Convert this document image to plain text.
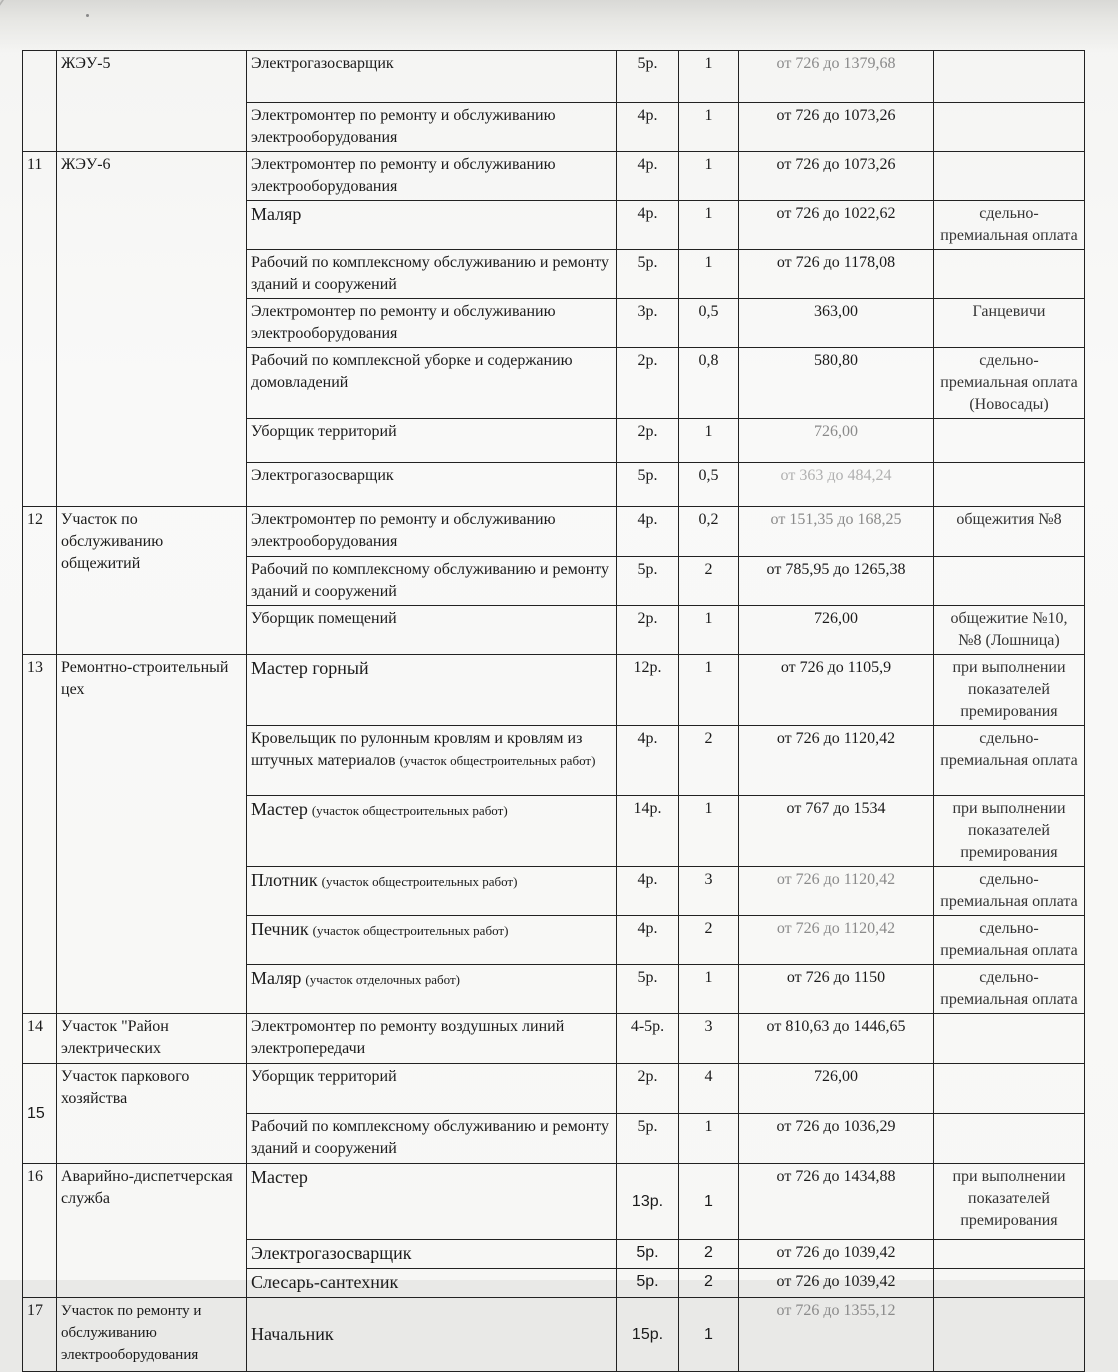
	ЖЭУ-5	Электрогазосварщик	5р.	1	от 726 до 1379,68	
		Электромонтер по ремонту и обслуживанию электрооборудования	4р.	1	от 726 до 1073,26	
11	ЖЭУ-6	Электромонтер по ремонту и обслуживанию электрооборудования	4р.	1	от 726 до 1073,26	
		Маляр	4р.	1	от 726 до 1022,62	сдельно-премиальная оплата
		Рабочий по комплексному обслуживанию и ремонту зданий и сооружений	5р.	1	от 726 до 1178,08	
		Электромонтер по ремонту и обслуживанию электрооборудования	3р.	0,5	363,00	Ганцевичи
		Рабочий по комплексной уборке и содержанию домовладений	2р.	0,8	580,80	сдельно-премиальная оплата (Новосады)
		Уборщик территорий	2р.	1	726,00	
		Электрогазосварщик	5р.	0,5	от 363 до 484,24	
12	Участок по обслуживанию общежитий	Электромонтер по ремонту и обслуживанию электрооборудования	4р.	0,2	от 151,35 до 168,25	общежития №8
		Рабочий по комплексному обслуживанию и ремонту зданий и сооружений	5р.	2	от 785,95 до 1265,38	
		Уборщик помещений	2р.	1	726,00	общежитие №10, №8 (Лошница)
13	Ремонтно-строительный цех	Мастер горный	12р.	1	от 726 до 1105,9	при выполнении показателей премирования
		Кровельщик по рулонным кровлям и кровлям из штучных материалов (участок общестроительных работ)	4р.	2	от 726 до 1120,42	сдельно-премиальная оплата
		Мастер (участок общестроительных работ)	14р.	1	от 767 до 1534	при выполнении показателей премирования
		Плотник (участок общестроительных работ)	4р.	3	от 726 до 1120,42	сдельно-премиальная оплата
		Печник (участок общестроительных работ)	4р.	2	от 726 до 1120,42	сдельно-премиальная оплата
		Маляр (участок отделочных работ)	5р.	1	от 726 до 1150	сдельно-премиальная оплата
14	Участок "Район электрических	Электромонтер по ремонту воздушных линий электропередачи	4-5р.	3	от 810,63 до 1446,65	
15	Участок паркового хозяйства	Уборщик территорий	2р.	4	726,00	
		Рабочий по комплексному обслуживанию и ремонту зданий и сооружений	5р.	1	от 726 до 1036,29	
16	Аварийно-диспетчерская служба	Мастер	13р.	1	от 726 до 1434,88	при выполнении показателей премирования
		Электрогазосварщик	5р.	2	от 726 до 1039,42	
		Слесарь-сантехник	5р.	2	от 726 до 1039,42	
17	Участок по ремонту и обслуживанию электрооборудования	Начальник	15р.	1	от 726 до 1355,12	
